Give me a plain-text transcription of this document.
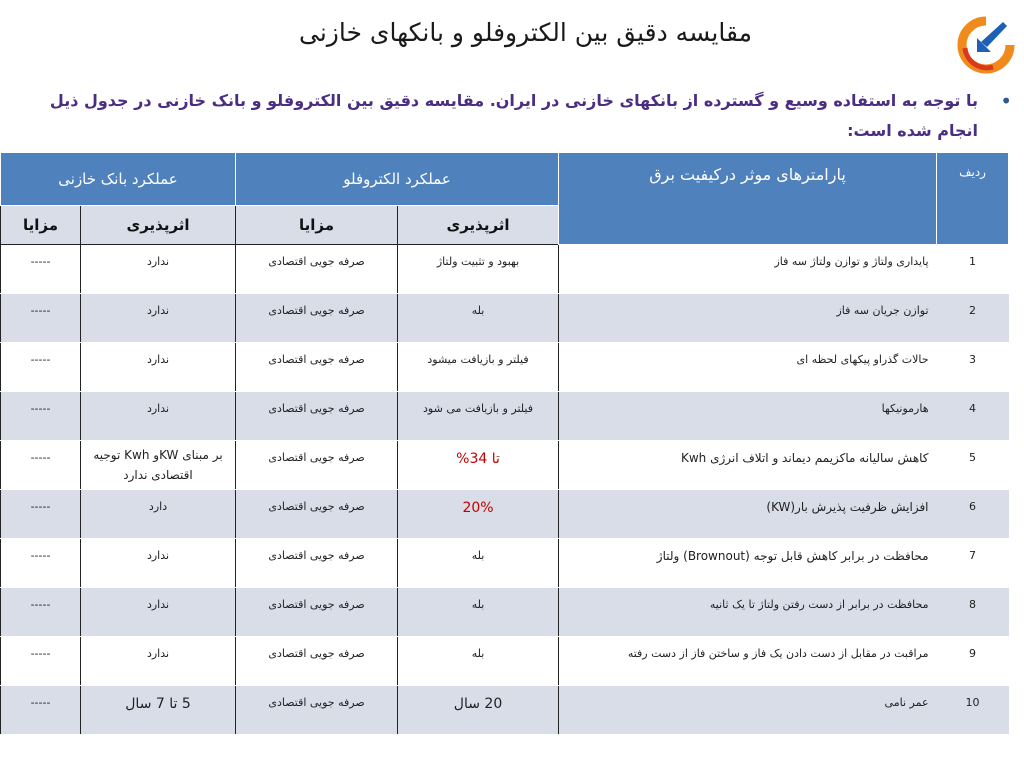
مقایسه دقیق بین الکتروفلو و بانکهای خازنی
•
با توجه به استفاده وسیع و گسترده از بانکهای خازنی در ایران. مقایسه دقیق بین الکتروفلو و بانک خازنی در جدول ذیل انجام شده است:
ردیف	پارامترهای موثر درکیفیت برق	عملکرد الکتروفلو		عملکرد بانک خازنی	
		اثرپذیری	مزایا	اثرپذیری	مزایا
1	پایداری ولتاژ و توازن ولتاژ سه فاز	بهبود و تثبیت ولتاژ	صرفه جویی اقتصادی	ندارد	-----
2	توازن جریان سه فاز	بله	صرفه جویی اقتصادی	ندارد	-----
3	حالات گذراو پیکهای لحظه ای	فیلتر و بازیافت میشود	صرفه جویی اقتصادی	ندارد	-----
4	هارمونیکها	فیلتر و بازیافت می شود	صرفه جویی اقتصادی	ندارد	-----
5	کاهش سالیانه ماکزیمم دیماند و اتلاف انرژی Kwh	تا 34%	صرفه جویی اقتصادی	بر مبنای KWو Kwh توجیه اقتصادی ندارد	-----
6	افزایش ظرفیت پذیرش بار(KW)	20%	صرفه جویی اقتصادی	دارد	-----
7	محافظت در برابر کاهش قابل توجه (Brownout) ولتاژ	بله	صرفه جویی اقتصادی	ندارد	-----
8	محافظت در برابر از دست رفتن ولتاژ تا یک ثانیه	بله	صرفه جویی اقتصادی	ندارد	-----
9	مراقبت در مقابل از دست دادن یک فاز و ساختن فاز از دست رفته	بله	صرفه جویی اقتصادی	ندارد	-----
10	عمر نامی	20 سال	صرفه جویی اقتصادی	5 تا 7 سال	-----
